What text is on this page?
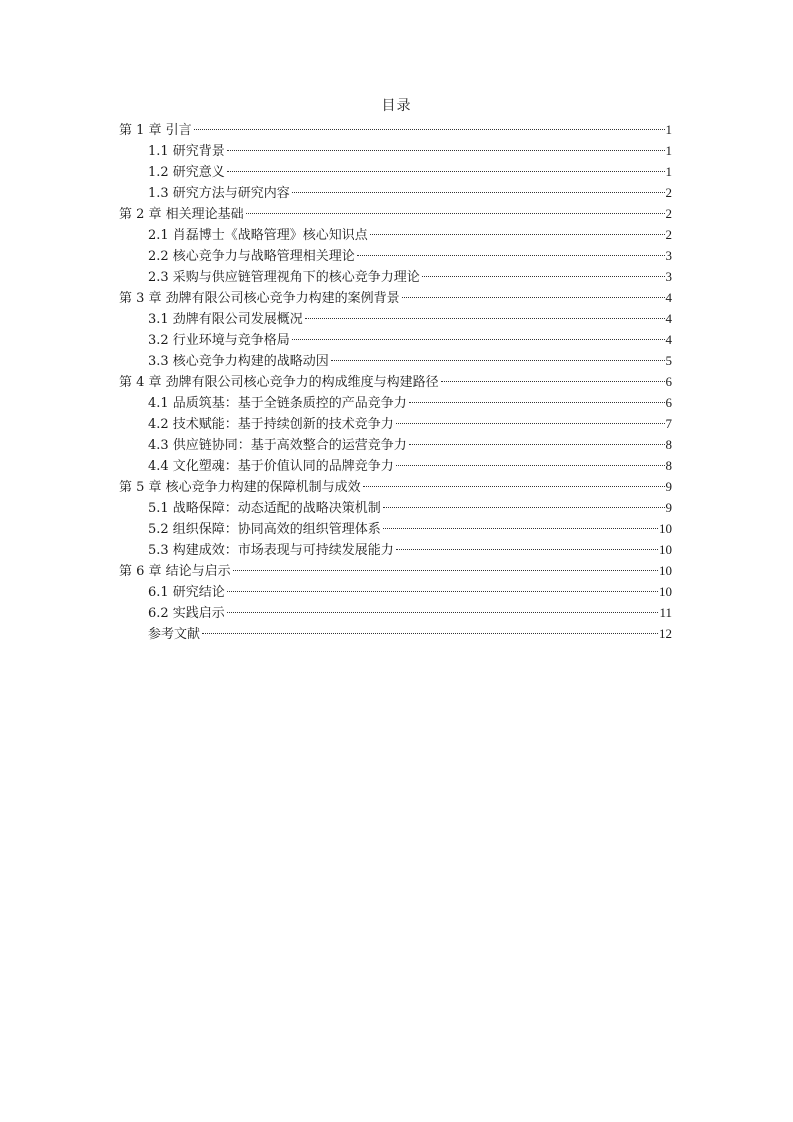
目录
第 1 章 引言	1
1.1 研究背景	1
1.2 研究意义	1
1.3 研究方法与研究内容	2
第 2 章 相关理论基础	2
2.1 肖磊博士《战略管理》核心知识点	2
2.2 核心竞争力与战略管理相关理论	3
2.3 采购与供应链管理视角下的核心竞争力理论	3
第 3 章 劲牌有限公司核心竞争力构建的案例背景	4
3.1 劲牌有限公司发展概况	4
3.2 行业环境与竞争格局	4
3.3 核心竞争力构建的战略动因	5
第 4 章 劲牌有限公司核心竞争力的构成维度与构建路径	6
4.1 品质筑基：基于全链条质控的产品竞争力	6
4.2 技术赋能：基于持续创新的技术竞争力	7
4.3 供应链协同：基于高效整合的运营竞争力	8
4.4 文化塑魂：基于价值认同的品牌竞争力	8
第 5 章 核心竞争力构建的保障机制与成效	9
5.1 战略保障：动态适配的战略决策机制	9
5.2 组织保障：协同高效的组织管理体系	10
5.3 构建成效：市场表现与可持续发展能力	10
第 6 章 结论与启示	10
6.1 研究结论	10
6.2 实践启示	11
参考文献	12
